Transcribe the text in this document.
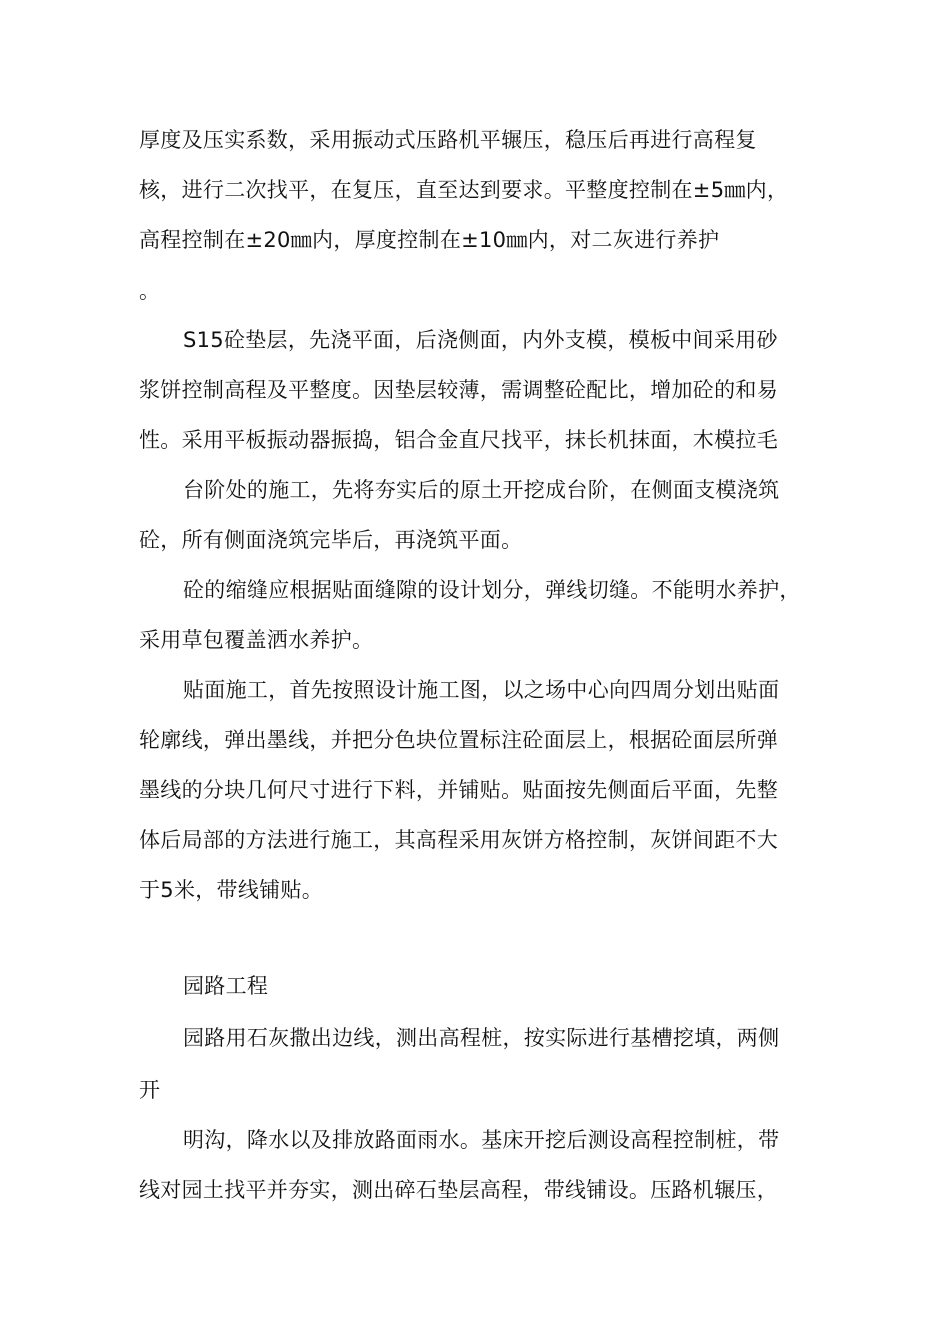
厚度及压实系数，采用振动式压路机平辗压，稳压后再进行高程复
核，进行二次找平，在复压，直至达到要求。平整度控制在±5㎜内，
高程控制在±20㎜内，厚度控制在±10㎜内，对二灰进行养护
。
S15砼垫层，先浇平面，后浇侧面，内外支模，模板中间采用砂
浆饼控制高程及平整度。因垫层较薄，需调整砼配比，增加砼的和易
性。采用平板振动器振捣，铝合金直尺找平，抹长机抹面，木模拉毛
台阶处的施工，先将夯实后的原土开挖成台阶，在侧面支模浇筑
砼，所有侧面浇筑完毕后，再浇筑平面。
砼的缩缝应根据贴面缝隙的设计划分，弹线切缝。不能明水养护，
采用草包覆盖洒水养护。
贴面施工，首先按照设计施工图，以之场中心向四周分划出贴面
轮廓线，弹出墨线，并把分色块位置标注砼面层上，根据砼面层所弹
墨线的分块几何尺寸进行下料，并铺贴。贴面按先侧面后平面，先整
体后局部的方法进行施工，其高程采用灰饼方格控制，灰饼间距不大
于5米，带线铺贴。
园路工程
园路用石灰撒出边线，测出高程桩，按实际进行基槽挖填，两侧
开
明沟，降水以及排放路面雨水。基床开挖后测设高程控制桩，带
线对园土找平并夯实，测出碎石垫层高程，带线铺设。压路机辗压，
